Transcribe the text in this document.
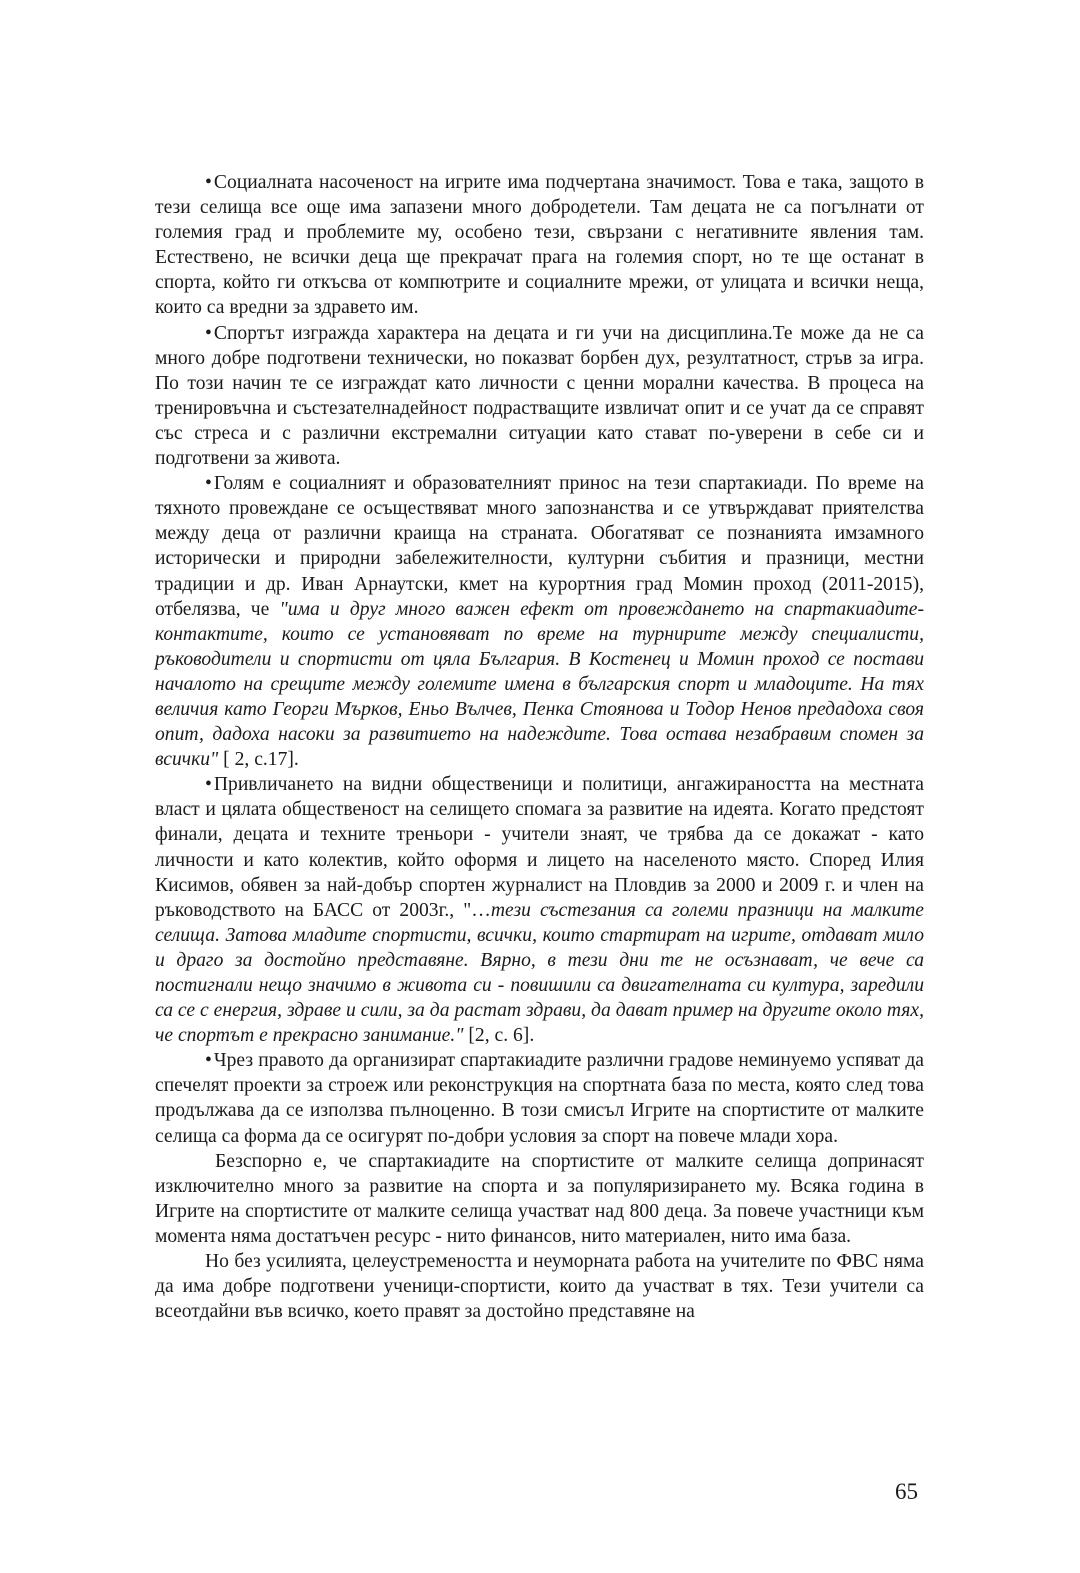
• Социалната насоченост на игрите има подчертана значимост. Това е така, защото в тези селища все още има запазени много добродетели. Там децата не са погълнати от големия град и проблемите му, особено тези, свързани с негативните явления там. Естествено, не всички деца ще прекрачат прага на големия спорт, но те ще останат в спорта, който ги откъсва от компютрите и социалните мрежи, от улицата и всички неща, които са вредни за здравето им.

• Спортът изгражда характера на децата и ги учи на дисциплина.Те може да не са много добре подготвени технически, но показват борбен дух, резултатност, стръв за игра. По този начин те се изграждат като личности с ценни морални качества. В процеса на тренировъчна и състезателнадейност подрастващите извличат опит и се учат да се справят със стреса и с различни екстремални ситуации като стават по-уверени в себе си и подготвени за живота.

• Голям е социалният и образователният принос на тези спартакиади. По време на тяхното провеждане се осъществяват много запознанства и се утвърждават приятелства между деца от различни краища на страната. Обогатяват се познанията имзамного исторически и природни забележителности, културни събития и празници, местни традиции и др. Иван Арнаутски, кмет на курортния град Момин проход (2011-2015), отбелязва, че "има и друг много важен ефект от провеждането на спартакиадите-контактите, които се установяват по време на турнирите между специалисти, ръководители и спортисти от цяла България. В Костенец и Момин проход се постави началото на срещите между големите имена в българския спорт и младоците. На тях величия като Георги Мърков, Еньо Вълчев, Пенка Стоянова и Тодор Ненов предадоха своя опит, дадоха насоки за развитието на надеждите. Това остава незабравим спомен за всички" [ 2, с.17].

• Привличането на видни общественици и политици, ангажираността на местната власт и цялата общественост на селището спомага за развитие на идеята. Когато предстоят финали, децата и техните треньори - учители знаят, че трябва да се докажат - като личности и като колектив, който оформя и лицето на населеното място. Според Илия Кисимов, обявен за най-добър спортен журналист на Пловдив за 2000 и 2009 г. и член на ръководството на БАСС от 2003г., "…тези състезания са големи празници на малките селища. Затова младите спортисти, всички, които стартират на игрите, отдават мило и драго за достойно представяне. Вярно, в тези дни те не осъзнават, че вече са постигнали нещо значимо в живота си - повишили са двигателната си култура, заредили са се с енергия, здраве и сили, за да растат здрави, да дават пример на другите около тях, че спортът е прекрасно занимание." [2, с. 6].

• Чрез правото да организират спартакиадите различни градове неминуемо успяват да спечелят проекти за строеж или реконструкция на спортната база по места, която след това продължава да се използва пълноценно. В този смисъл Игрите на спортистите от малките селища са форма да се осигурят по-добри условия за спорт на повече млади хора.

Безспорно е, че спартакиадите на спортистите от малките селища допринасят изключително много за развитие на спорта и за популяризирането му. Всяка година в Игрите на спортистите от малките селища участват над 800 деца. За повече участници към момента няма достатъчен ресурс - нито финансов, нито материален, нито има база.

Но без усилията, целеустремеността и неуморната работа на учителите по ФВС няма да има добре подготвени ученици-спортисти, които да участват в тях. Тези учители са всеотдайни във всичко, което правят за достойно представяне на

65
